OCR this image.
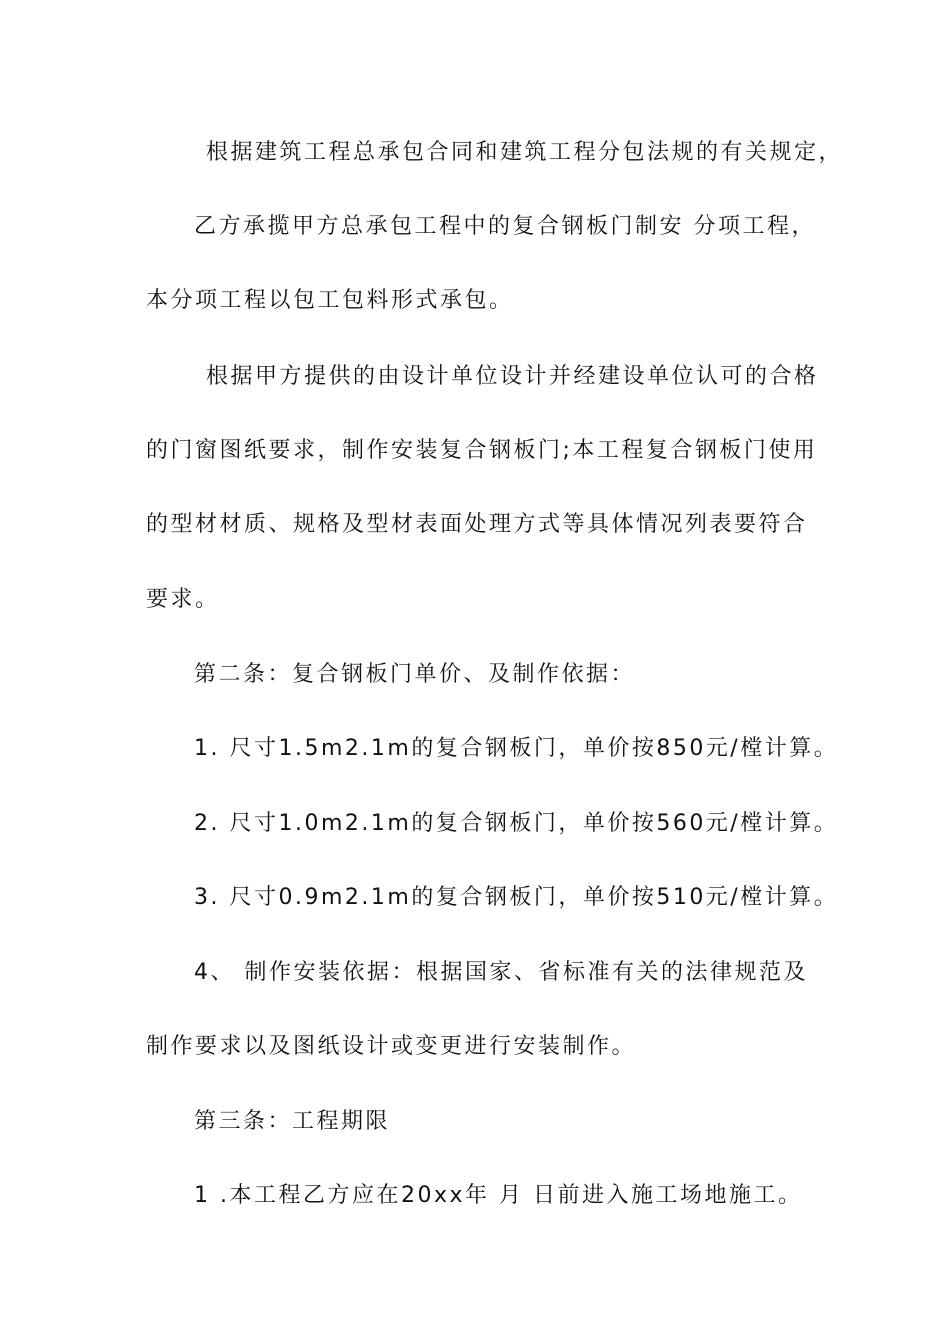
根据建筑工程总承包合同和建筑工程分包法规的有关规定，
乙方承揽甲方总承包工程中的复合钢板门制安 分项工程，
本分项工程以包工包料形式承包。
根据甲方提供的由设计单位设计并经建设单位认可的合格
的门窗图纸要求，制作安装复合钢板门;本工程复合钢板门使用
的型材材质、规格及型材表面处理方式等具体情况列表要符合
要求。
第二条：复合钢板门单价、及制作依据：
1. 尺寸1.5m2.1m的复合钢板门，单价按850元/樘计算。
2. 尺寸1.0m2.1m的复合钢板门，单价按560元/樘计算。
3. 尺寸0.9m2.1m的复合钢板门，单价按510元/樘计算。
4、 制作安装依据：根据国家、省标准有关的法律规范及
制作要求以及图纸设计或变更进行安装制作。
第三条：工程期限
1 .本工程乙方应在20xx年 月 日前进入施工场地施工。
